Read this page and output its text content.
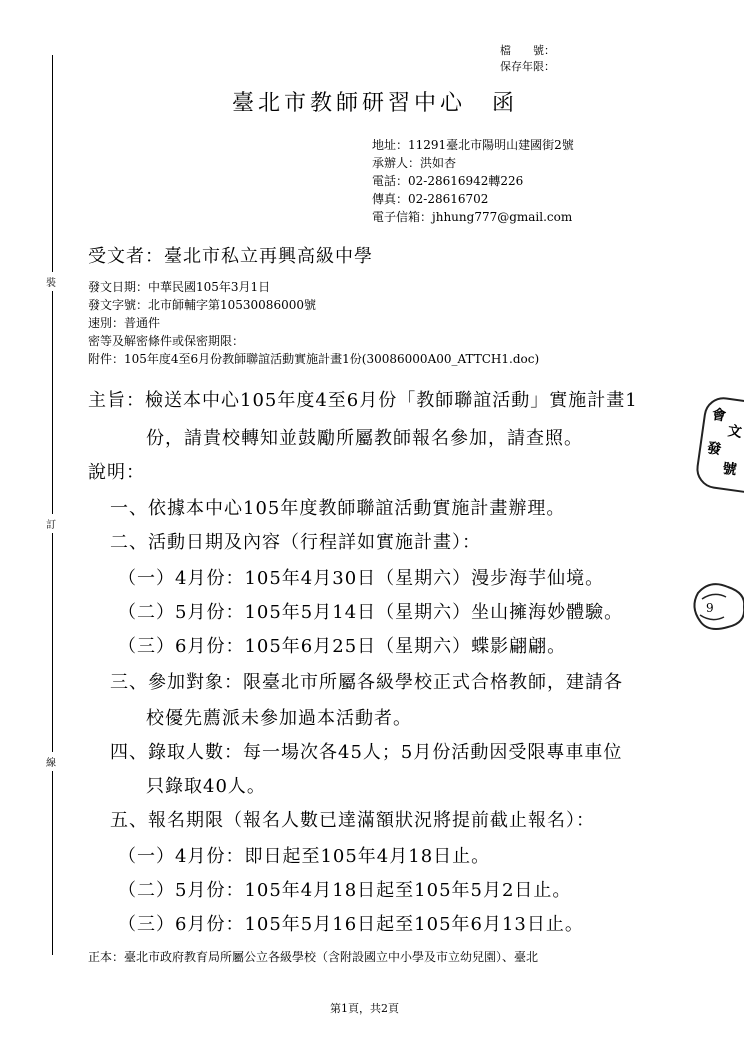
檔　　號：
保存年限：
裝
訂
線
臺北市教師研習中心　函
地址：11291臺北市陽明山建國街2號
承辦人：洪如杏
電話：02-28616942轉226
傳真：02-28616702
電子信箱：jhhung777@gmail.com
受文者：臺北市私立再興高級中學
發文日期：中華民國105年3月1日
發文字號：北市師輔字第10530086000號
速別：普通件
密等及解密條件或保密期限：
附件：105年度4至6月份教師聯誼活動實施計畫1份(30086000A00_ATTCH1.doc)
主旨：檢送本中心105年度4至6月份「教師聯誼活動」實施計畫1
份，請貴校轉知並鼓勵所屬教師報名參加，請查照。
說明：
一、依據本中心105年度教師聯誼活動實施計畫辦理。
二、活動日期及內容（行程詳如實施計畫）：
（一）4月份：105年4月30日（星期六）漫步海芋仙境。
（二）5月份：105年5月14日（星期六）坐山擁海妙體驗。
（三）6月份：105年6月25日（星期六）蝶影翩翩。
三、參加對象：限臺北市所屬各級學校正式合格教師，建請各
校優先薦派未參加過本活動者。
四、錄取人數：每一場次各45人；5月份活動因受限專車車位
只錄取40人。
五、報名期限（報名人數已達滿額狀況將提前截止報名）：
（一）4月份：即日起至105年4月18日止。
（二）5月份：105年4月18日起至105年5月2日止。
（三）6月份：105年5月16日起至105年6月13日止。
正本：臺北市政府教育局所屬公立各級學校（含附設國立中小學及市立幼兒園）、臺北
第1頁，共2頁
會
文
發
號
9
